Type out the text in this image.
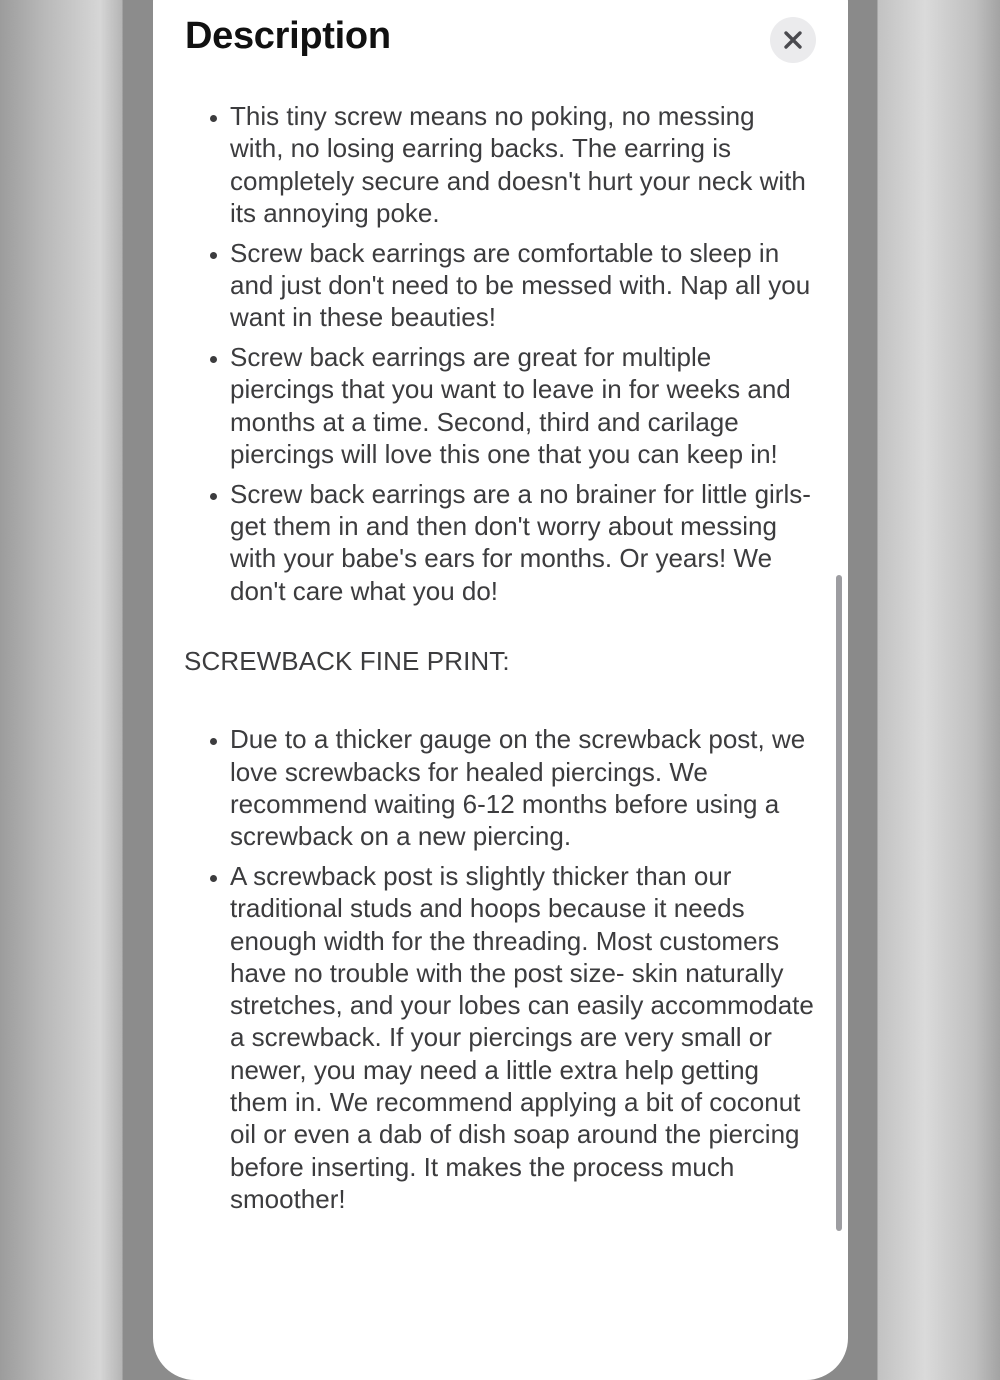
Description
• This tiny screw means no poking, no messing with, no losing earring backs. The earring is completely secure and doesn't hurt your neck with its annoying poke.
• Screw back earrings are comfortable to sleep in and just don't need to be messed with. Nap all you want in these beauties!
• Screw back earrings are great for multiple piercings that you want to leave in for weeks and months at a time. Second, third and carilage piercings will love this one that you can keep in!
• Screw back earrings are a no brainer for little girls- get them in and then don't worry about messing with your babe's ears for months. Or years! We don't care what you do!

SCREWBACK FINE PRINT:

• Due to a thicker gauge on the screwback post, we love screwbacks for healed piercings. We recommend waiting 6-12 months before using a screwback on a new piercing.
• A screwback post is slightly thicker than our traditional studs and hoops because it needs enough width for the threading. Most customers have no trouble with the post size- skin naturally stretches, and your lobes can easily accommodate a screwback. If your piercings are very small or newer, you may need a little extra help getting them in. We recommend applying a bit of coconut oil or even a dab of dish soap around the piercing before inserting. It makes the process much smoother!
